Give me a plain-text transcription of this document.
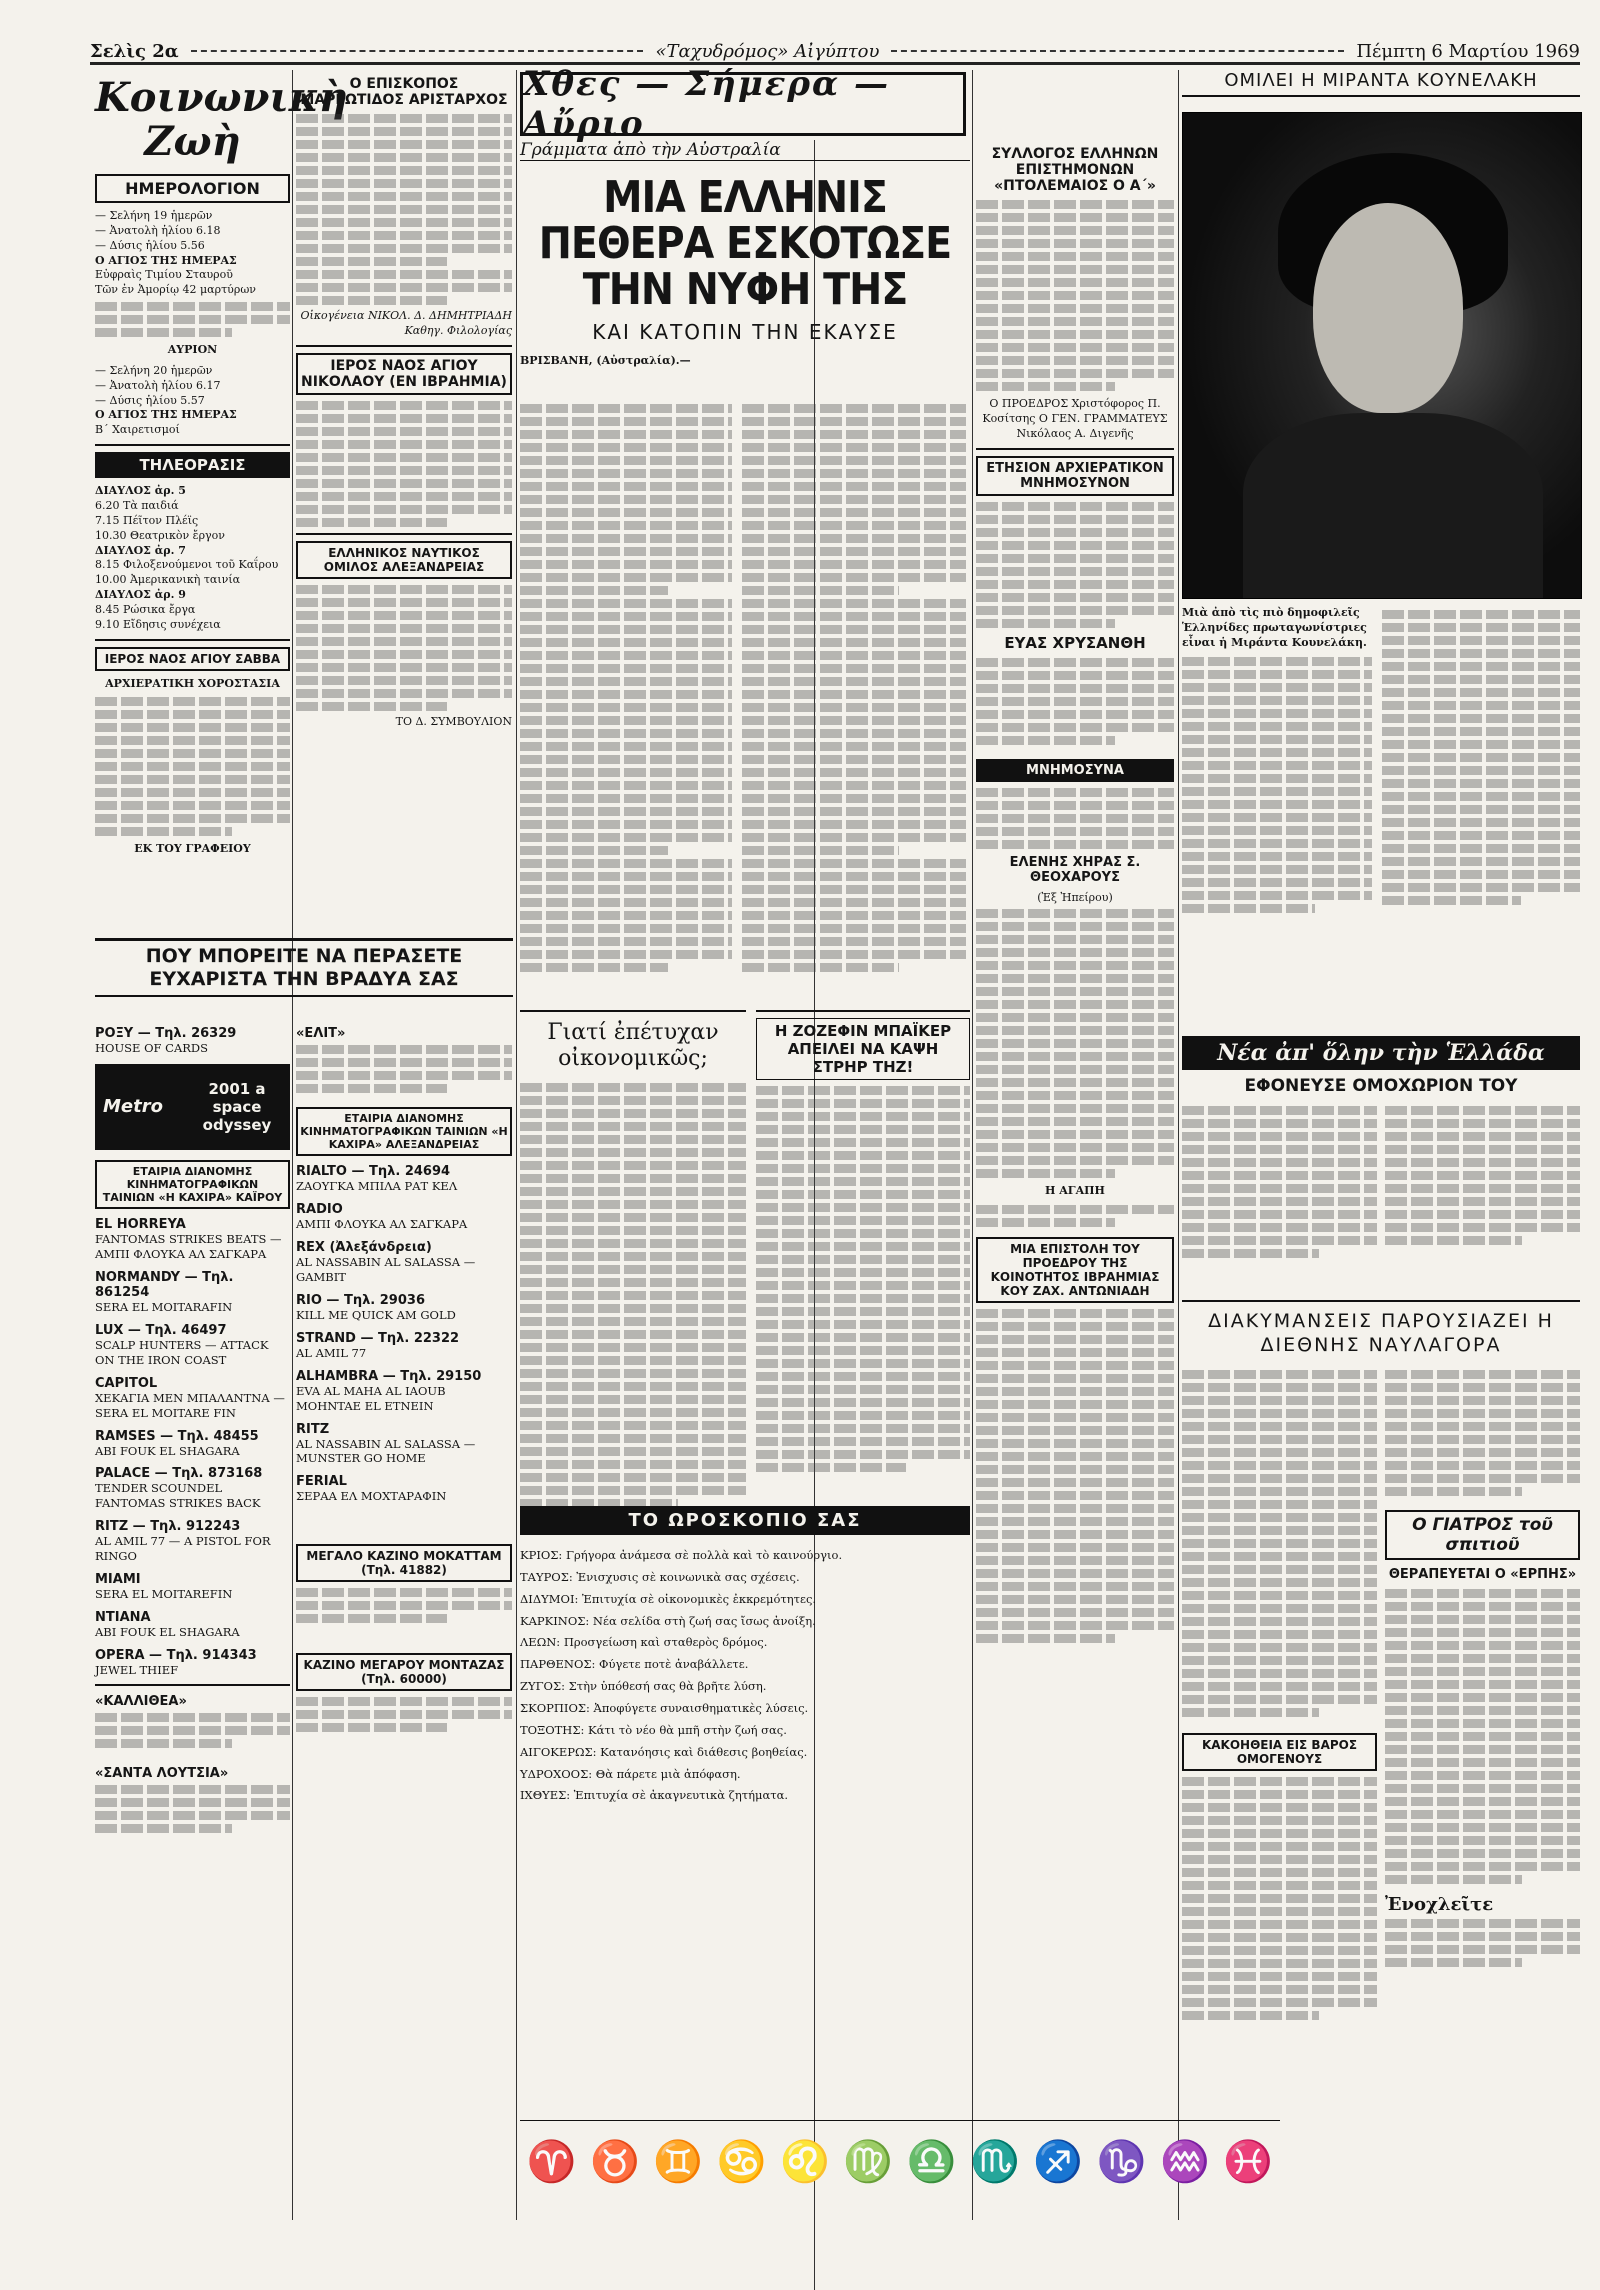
Σελὶς 2α	«Ταχυδρόμος» Αἰγύπτου	Πέμπτη 6 Μαρτίου 1969
Κοινωνικὴ Ζωὴ
ΗΜΕΡΟΛΟΓΙΟΝ
— Σελήνη 19 ἡμερῶν
— Ἀνατολὴ ἡλίου 6.18
— Δύσις ἡλίου 5.56
Ο ΑΓΙΟΣ ΤΗΣ ΗΜΕΡΑΣ
Εὐφραὶς Τιμίου Σταυροῦ
Τῶν ἐν Ἀμορίῳ 42 μαρτύρων
ΑΥΡΙΟΝ
— Σελήνη 20 ἡμερῶν
— Ἀνατολὴ ἡλίου 6.17
— Δύσις ἡλίου 5.57
Ο ΑΓΙΟΣ ΤΗΣ ΗΜΕΡΑΣ
Β΄ Χαιρετισμοί
ΤΗΛΕΟΡΑΣΙΣ
ΔΙΑΥΛΟΣ ἀρ. 5
6.20 Τὰ παιδιά
7.15 Πέῖτον Πλέϊς
10.30 Θεατρικὸν ἔργον
ΔΙΑΥΛΟΣ ἀρ. 7
8.15 Φιλοξενούμενοι τοῦ Καΐρου
10.00 Ἀμερικανικὴ ταινία
ΔΙΑΥΛΟΣ ἀρ. 9
8.45 Ρώσικα ἔργα
9.10 Εἴδησις συνέχεια
ΙΕΡΟΣ ΝΑΟΣ ΑΓΙΟΥ ΣΑΒΒΑ
ΑΡΧΙΕΡΑΤΙΚΗ ΧΟΡΟΣΤΑΣΙΑ
ΕΚ ΤΟΥ ΓΡΑΦΕΙΟΥ
Ο ΕΠΙΣΚΟΠΟΣ ΜΑΡΕΩΤΙΔΟΣ ΑΡΙΣΤΑΡΧΟΣ
Οἰκογένεια ΝΙΚΟΛ. Δ. ΔΗΜΗΤΡΙΑΔΗ Καθηγ. Φιλολογίας
ΙΕΡΟΣ ΝΑΟΣ ΑΓΙΟΥ ΝΙΚΟΛΑΟΥ (ΕΝ ΙΒΡΑΗΜΙΑ)
ΕΛΛΗΝΙΚΟΣ ΝΑΥΤΙΚΟΣ ΟΜΙΛΟΣ ΑΛΕΞΑΝΔΡΕΙΑΣ
ΤΟ Δ. ΣΥΜΒΟΥΛΙΟΝ
ΠΟΥ ΜΠΟΡΕΙΤΕ ΝΑ ΠΕΡΑΣΕΤΕ ΕΥΧΑΡΙΣΤΑ ΤΗΝ ΒΡΑΔΥΑ ΣΑΣ
ΡΟΞΥ — Τηλ. 26329
HOUSE OF CARDS
Metro
2001 a space odyssey
ΕΤΑΙΡΙΑ ΔΙΑΝΟΜΗΣ ΚΙΝΗΜΑΤΟΓΡΑΦΙΚΩΝ ΤΑΙΝΙΩΝ «Η ΚΑΧΙΡΑ» ΚΑΪΡΟΥ
EL HORREYA
FANTOMAS STRIKES BEATS — ΑΜΠΙ ΦΛΟΥΚΑ ΑΛ ΣΑΓΚΑΡΑ
NORMANDY — Τηλ. 861254
SERA EL MOITARAFIN
LUX — Τηλ. 46497
SCALP HUNTERS — ATTACK ON THE IRON COAST
CAPITOL
ΧΕΚΑΓΙΑ ΜΕΝ ΜΠΑΛΑΝΤΝΑ — SERA EL MOITARE FIN
RAMSES — Τηλ. 48455
ABI FOUK EL SHAGARA
PALACE — Τηλ. 873168
TENDER SCOUNDEL FANTOMAS STRIKES BACK
RITZ — Τηλ. 912243
AL AMIL 77 — A PISTOL FOR RINGO
MIAMI
SERA EL MOITAREFIN
NTIANA
ABI FOUK EL SHAGARA
OPERA — Τηλ. 914343
JEWEL THIEF
«ΚΑΛΛΙΘΕΑ»
«ΣΑΝΤΑ ΛΟΥΤΣΙΑ»
«ΕΛΙΤ»
ΕΤΑΙΡΙΑ ΔΙΑΝΟΜΗΣ ΚΙΝΗΜΑΤΟΓΡΑΦΙΚΩΝ ΤΑΙΝΙΩΝ «Η ΚΑΧΙΡΑ» ΑΛΕΞΑΝΔΡΕΙΑΣ
RIALTO — Τηλ. 24694
ΖΑΟΥΓΚΑ ΜΠΙΛΑ ΡΑΤ ΚΕΛ
RADIO
ΑΜΠΙ ΦΛΟΥΚΑ ΑΛ ΣΑΓΚΑΡΑ
REX (Ἀλεξάνδρεια)
AL NASSABIN AL SALASSA — GAMBIT
RIO — Τηλ. 29036
KILL ME QUICK AM GOLD
STRAND — Τηλ. 22322
AL AMIL 77
ALHAMBRA — Τηλ. 29150
EVA AL MAHA AL IAOUB MOHNTAE EL ETNEIN
RITZ
AL NASSABIN AL SALASSA — MUNSTER GO HOME
FERIAL
ΣΕΡΑΑ ΕΛ ΜΟΧΤΑΡΑΦΙΝ
ΜΕΓΑΛΟ ΚΑΖΙΝΟ ΜΟΚΑΤΤΑΜ (Τηλ. 41882)
ΚΑΖΙΝΟ ΜΕΓΑΡΟΥ ΜΟΝΤΑΖΑΣ (Τηλ. 60000)
Χθες — Σήμερα — Αὔριο
Γράμματα ἀπὸ τὴν Αὐστραλία
ΜΙΑ ΕΛΛΗΝΙΣ ΠΕΘΕΡΑ ΕΣΚΟΤΩΣΕ ΤΗΝ ΝΥΦΗ ΤΗΣ
ΚΑΙ ΚΑΤΟΠΙΝ ΤΗΝ ΕΚΑΥΣΕ
ΒΡΙΣΒΑΝΗ, (Αὐστραλία).—
Γιατί ἐπέτυχαν οἰκονομικῶς;
Η ΖΟΖΕΦΙΝ ΜΠΑΪΚΕΡ ΑΠΕΙΛΕΙ ΝΑ ΚΑΨΗ ΣΤΡΗΡ ΤΗΖ!
ΤΟ ΩΡΟΣΚΟΠΙΟ ΣΑΣ
ΚΡΙΟΣ: Γρήγορα ἀνάμεσα σὲ πολλὰ καὶ τὸ καινούργιο.
ΤΑΥΡΟΣ: Ἐνισχυσις σὲ κοινωνικὰ σας σχέσεις.
ΔΙΔΥΜΟΙ: Ἐπιτυχία σὲ οἰκονομικὲς ἐκκρεμότητες.
ΚΑΡΚΙΝΟΣ: Νέα σελίδα στὴ ζωή σας ἴσως ἀνοίξη.
ΛΕΩΝ: Προσγείωση καὶ σταθερὸς δρόμος.
ΠΑΡΘΕΝΟΣ: Φύγετε ποτὲ ἀναβάλλετε.
ΖΥΓΟΣ: Στὴν ὑπόθεσή σας θὰ βρῆτε λύση.
ΣΚΟΡΠΙΟΣ: Ἀποφύγετε συναισθηματικὲς λύσεις.
ΤΟΞΟΤΗΣ: Κάτι τὸ νέο θὰ μπῆ στὴν ζωή σας.
ΑΙΓΟΚΕΡΩΣ: Κατανόησις καὶ διάθεσις βοηθείας.
ΥΔΡΟΧΟΟΣ: Θὰ πάρετε μιὰ ἀπόφαση.
ΙΧΘΥΕΣ: Ἐπιτυχία σὲ ἀκαγνευτικὰ ζητήματα.
♈ ♉ ♊ ♋ ♌ ♍ ♎ ♏ ♐ ♑ ♒ ♓
ΣΥΛΛΟΓΟΣ ΕΛΛΗΝΩΝ ΕΠΙΣΤΗΜΟΝΩΝ «ΠΤΟΛΕΜΑΙΟΣ Ο Α΄»
Ο ΠΡΟΕΔΡΟΣ Χριστόφορος Π. Κοσίτσης Ο ΓΕΝ. ΓΡΑΜΜΑΤΕΥΣ Νικόλαος Α. Διγενῆς
ΕΤΗΣΙΟΝ ΑΡΧΙΕΡΑΤΙΚΟΝ ΜΝΗΜΟΣΥΝΟΝ
ΕΥΑΣ ΧΡΥΣΑΝΘΗ
ΜΝΗΜΟΣΥΝΑ
ΕΛΕΝΗΣ ΧΗΡΑΣ Σ. ΘΕΟΧΑΡΟΥΣ
(Ἐξ Ἠπείρου)
Η ΑΓΑΠΗ
ΜΙΑ ΕΠΙΣΤΟΛΗ ΤΟΥ ΠΡΟΕΔΡΟΥ ΤΗΣ ΚΟΙΝΟΤΗΤΟΣ ΙΒΡΑΗΜΙΑΣ ΚΟΥ ΖΑΧ. ΑΝΤΩΝΙΑΔΗ
ΟΜΙΛΕΙ Η ΜΙΡΑΝΤΑ ΚΟΥΝΕΛΑΚΗ
Μιὰ ἀπὸ τὶς πιὸ δημοφιλεῖς Ἑλληνίδες πρωταγωνίστριες εἶναι ἡ Μιράντα Κουνελάκη.
Νέα ἀπ' ὅλην τὴν Ἑλλάδα
ΕΦΟΝΕΥΣΕ ΟΜΟΧΩΡΙΟΝ ΤΟΥ
ΔΙΑΚΥΜΑΝΣΕΙΣ ΠΑΡΟΥΣΙΑΖΕΙ Η ΔΙΕΘΝΗΣ ΝΑΥΛΑΓΟΡΑ
ΚΑΚΟΗΘΕΙΑ ΕΙΣ ΒΑΡΟΣ ΟΜΟΓΕΝΟΥΣ
Ο ΓΙΑΤΡΟΣ τοῦ σπιτιοῦ
ΘΕΡΑΠΕΥΕΤΑΙ Ο «ΕΡΠΗΣ»
Ἐνοχλεῖτε
